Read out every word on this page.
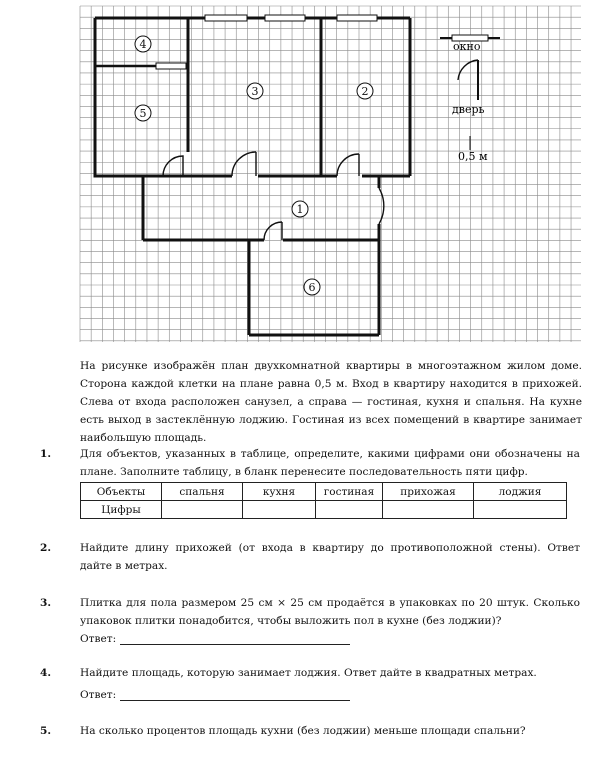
окно
дверь
0,5 м
4
5
3	2
1
6

На рисунке изображён план двухкомнатной квартиры в многоэтажном жилом доме. Сторона каждой клетки на плане равна 0,5 м. Вход в квартиру находится в прихожей. Слева от входа расположен санузел, а справа — гостиная, кухня и спальня. На кухне есть выход в застеклённую лоджию. Гостиная из всех помещений в квартире занимает наибольшую площадь.

1.	Для объектов, указанных в таблице, определите, какими цифрами они обозначены на плане. Заполните таблицу, в бланк перенесите последовательность пяти цифр.
Объекты	спальня	кухня	гостиная	прихожая	лоджия
Цифры					
2.	Найдите длину прихожей (от входа в квартиру до противоположной стены). Ответ дайте в метрах.
3.	Плитка для пола размером 25 см × 25 см продаётся в упаковках по 20 штук. Сколько упаковок плитки понадобится, чтобы выложить пол в кухне (без лоджии)?
Ответ:
4.	Найдите площадь, которую занимает лоджия. Ответ дайте в квадратных метрах.
Ответ:
5.	На сколько процентов площадь кухни (без лоджии) меньше площади спальни?
